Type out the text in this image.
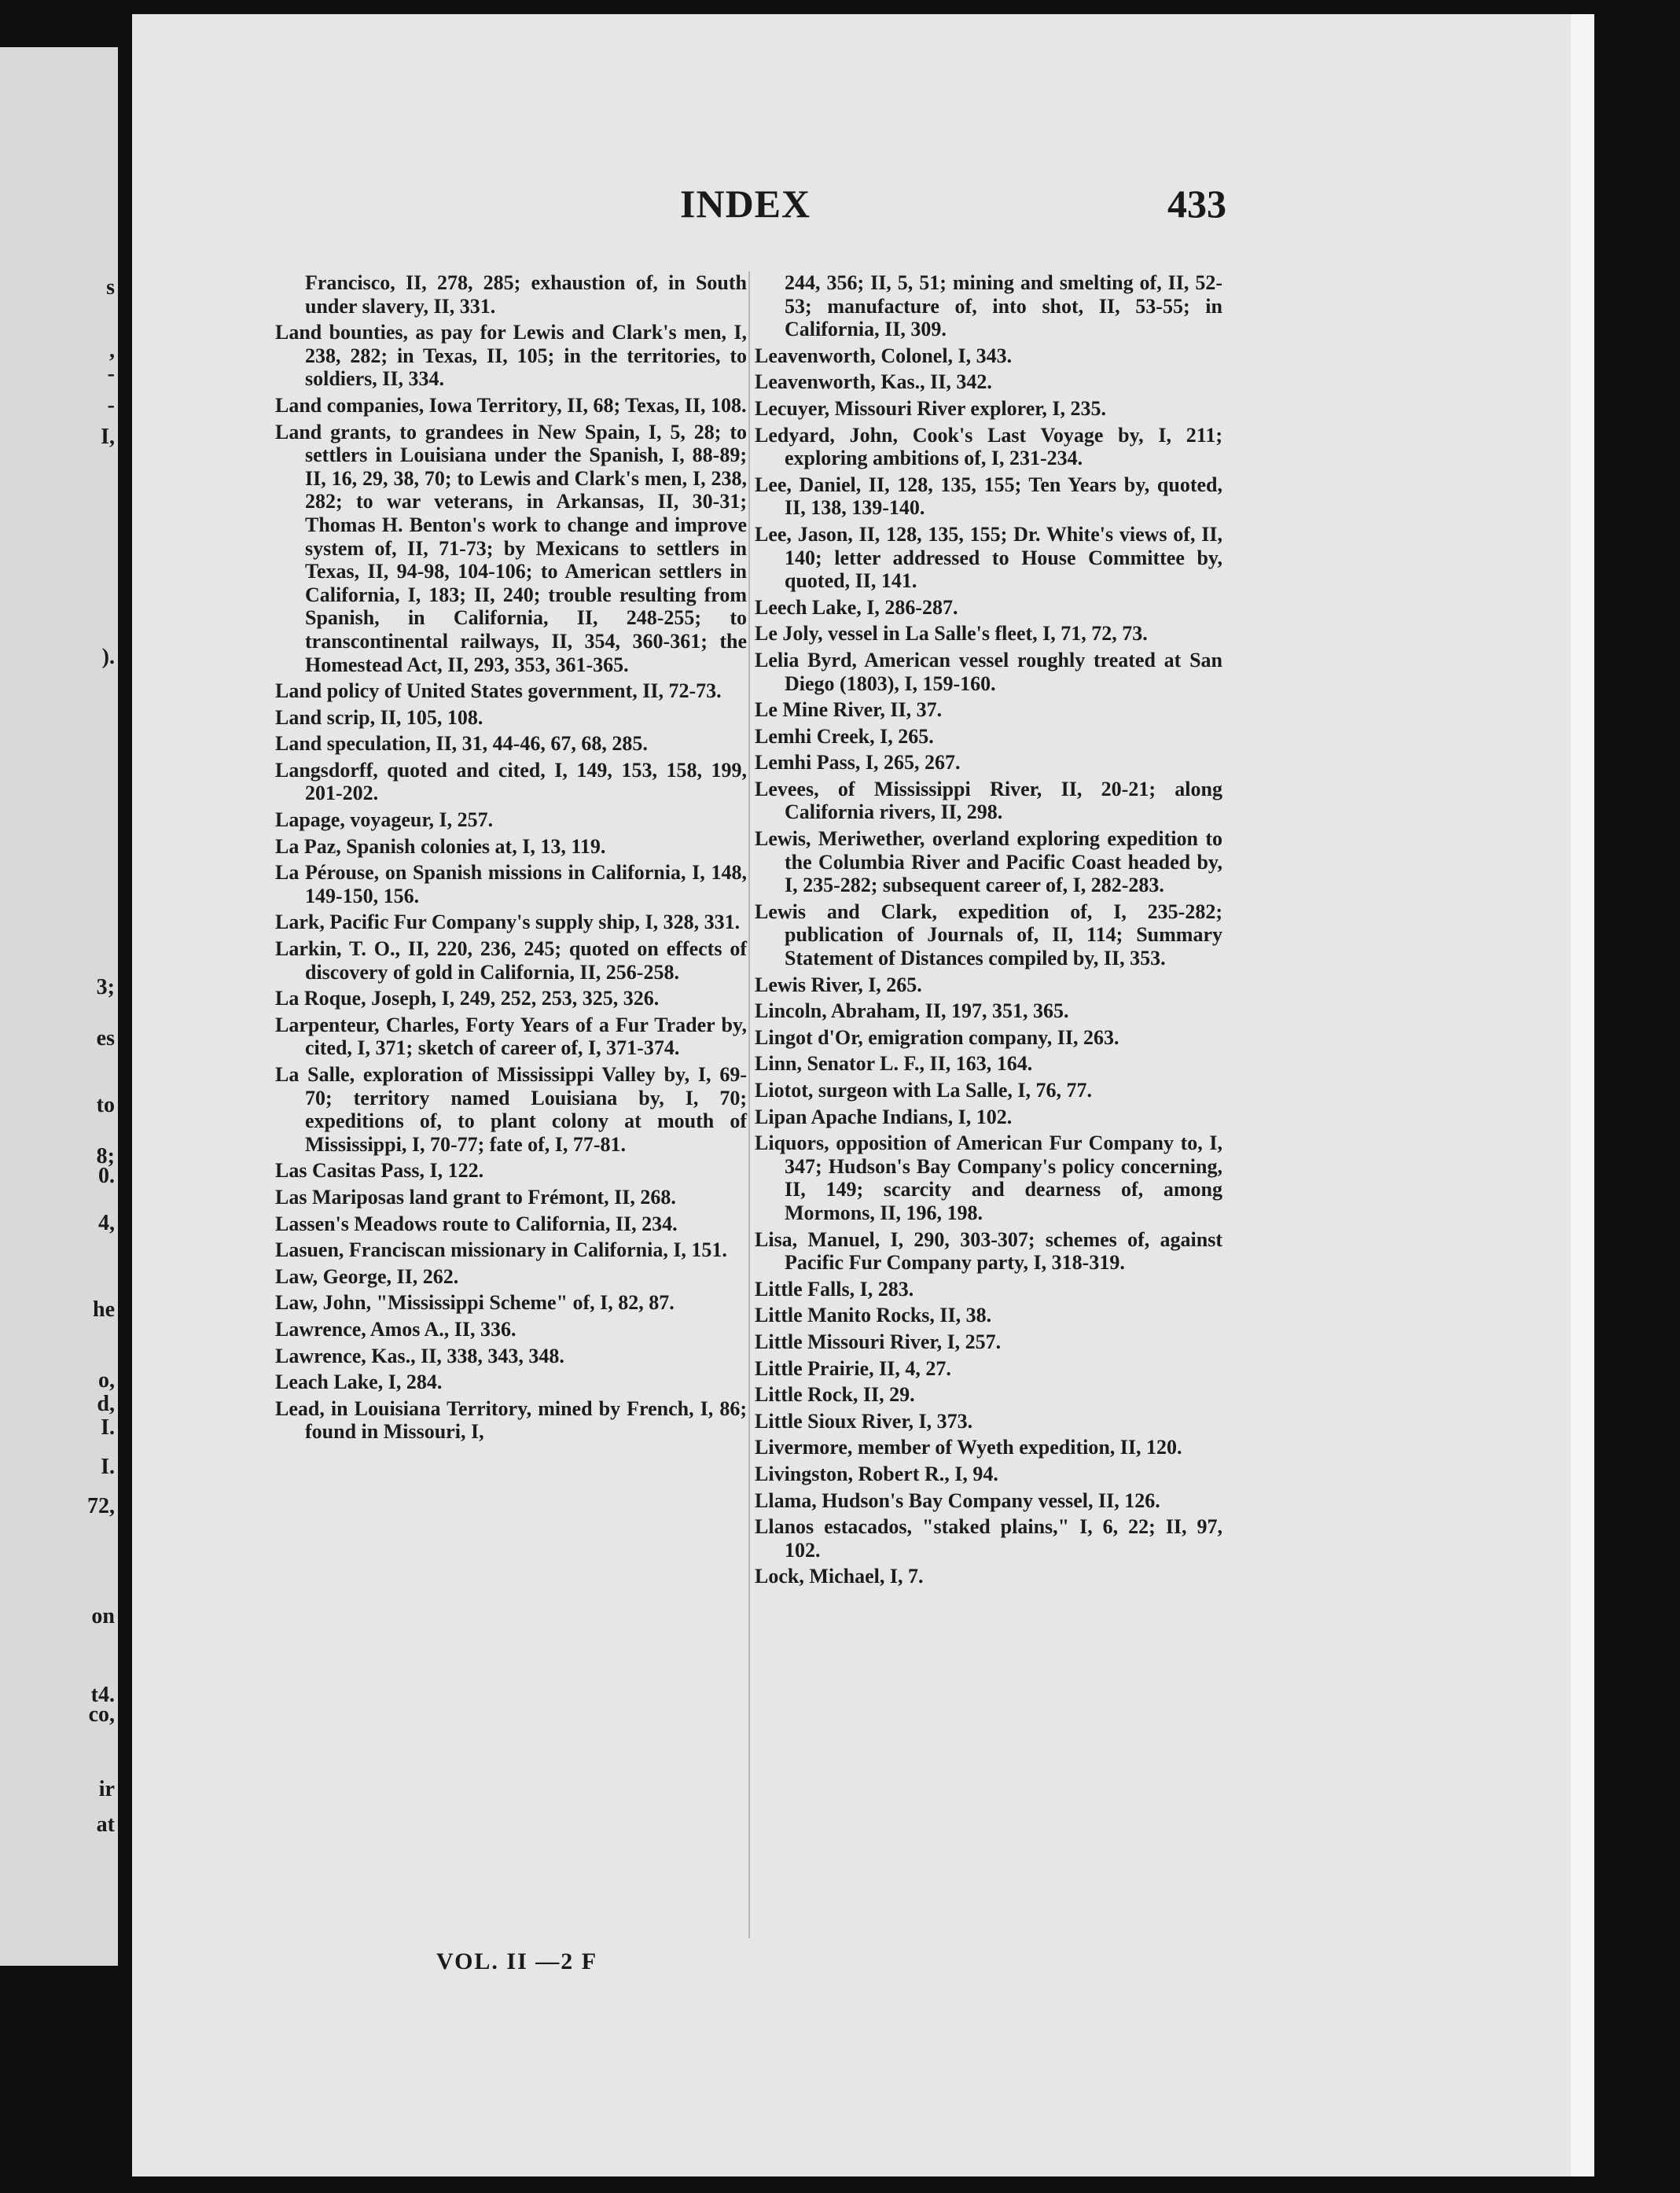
s
,
-
-
I,
).
3;
es
to
8;
0.
4,
he
o,
d,
I.
I.
72,
on
t4.
co,
ir
at
INDEX	433

Francisco, II, 278, 285; exhaustion of, in South under slavery, II, 331.

Land bounties, as pay for Lewis and Clark's men, I, 238, 282; in Texas, II, 105; in the territories, to soldiers, II, 334.

Land companies, Iowa Territory, II, 68; Texas, II, 108.

Land grants, to grandees in New Spain, I, 5, 28; to settlers in Louisiana under the Spanish, I, 88-89; II, 16, 29, 38, 70; to Lewis and Clark's men, I, 238, 282; to war veterans, in Arkansas, II, 30-31; Thomas H. Benton's work to change and improve system of, II, 71-73; by Mexicans to settlers in Texas, II, 94-98, 104-106; to American settlers in California, I, 183; II, 240; trouble resulting from Spanish, in California, II, 248-255; to transcontinental railways, II, 354, 360-361; the Homestead Act, II, 293, 353, 361-365.

Land policy of United States government, II, 72-73.

Land scrip, II, 105, 108.

Land speculation, II, 31, 44-46, 67, 68, 285.

Langsdorff, quoted and cited, I, 149, 153, 158, 199, 201-202.

Lapage, voyageur, I, 257.

La Paz, Spanish colonies at, I, 13, 119.

La Pérouse, on Spanish missions in California, I, 148, 149-150, 156.

Lark, Pacific Fur Company's supply ship, I, 328, 331.

Larkin, T. O., II, 220, 236, 245; quoted on effects of discovery of gold in California, II, 256-258.

La Roque, Joseph, I, 249, 252, 253, 325, 326.

Larpenteur, Charles, Forty Years of a Fur Trader by, cited, I, 371; sketch of career of, I, 371-374.

La Salle, exploration of Mississippi Valley by, I, 69-70; territory named Louisiana by, I, 70; expeditions of, to plant colony at mouth of Mississippi, I, 70-77; fate of, I, 77-81.

Las Casitas Pass, I, 122.

Las Mariposas land grant to Frémont, II, 268.

Lassen's Meadows route to California, II, 234.

Lasuen, Franciscan missionary in California, I, 151.

Law, George, II, 262.

Law, John, "Mississippi Scheme" of, I, 82, 87.

Lawrence, Amos A., II, 336.

Lawrence, Kas., II, 338, 343, 348.

Leach Lake, I, 284.

Lead, in Louisiana Territory, mined by French, I, 86; found in Missouri, I,

244, 356; II, 5, 51; mining and smelting of, II, 52-53; manufacture of, into shot, II, 53-55; in California, II, 309.

Leavenworth, Colonel, I, 343.

Leavenworth, Kas., II, 342.

Lecuyer, Missouri River explorer, I, 235.

Ledyard, John, Cook's Last Voyage by, I, 211; exploring ambitions of, I, 231-234.

Lee, Daniel, II, 128, 135, 155; Ten Years by, quoted, II, 138, 139-140.

Lee, Jason, II, 128, 135, 155; Dr. White's views of, II, 140; letter addressed to House Committee by, quoted, II, 141.

Leech Lake, I, 286-287.

Le Joly, vessel in La Salle's fleet, I, 71, 72, 73.

Lelia Byrd, American vessel roughly treated at San Diego (1803), I, 159-160.

Le Mine River, II, 37.

Lemhi Creek, I, 265.

Lemhi Pass, I, 265, 267.

Levees, of Mississippi River, II, 20-21; along California rivers, II, 298.

Lewis, Meriwether, overland exploring expedition to the Columbia River and Pacific Coast headed by, I, 235-282; subsequent career of, I, 282-283.

Lewis and Clark, expedition of, I, 235-282; publication of Journals of, II, 114; Summary Statement of Distances compiled by, II, 353.

Lewis River, I, 265.

Lincoln, Abraham, II, 197, 351, 365.

Lingot d'Or, emigration company, II, 263.

Linn, Senator L. F., II, 163, 164.

Liotot, surgeon with La Salle, I, 76, 77.

Lipan Apache Indians, I, 102.

Liquors, opposition of American Fur Company to, I, 347; Hudson's Bay Company's policy concerning, II, 149; scarcity and dearness of, among Mormons, II, 196, 198.

Lisa, Manuel, I, 290, 303-307; schemes of, against Pacific Fur Company party, I, 318-319.

Little Falls, I, 283.

Little Manito Rocks, II, 38.

Little Missouri River, I, 257.

Little Prairie, II, 4, 27.

Little Rock, II, 29.

Little Sioux River, I, 373.

Livermore, member of Wyeth expedition, II, 120.

Livingston, Robert R., I, 94.

Llama, Hudson's Bay Company vessel, II, 126.

Llanos estacados, "staked plains," I, 6, 22; II, 97, 102.

Lock, Michael, I, 7.

VOL. II —2 F
